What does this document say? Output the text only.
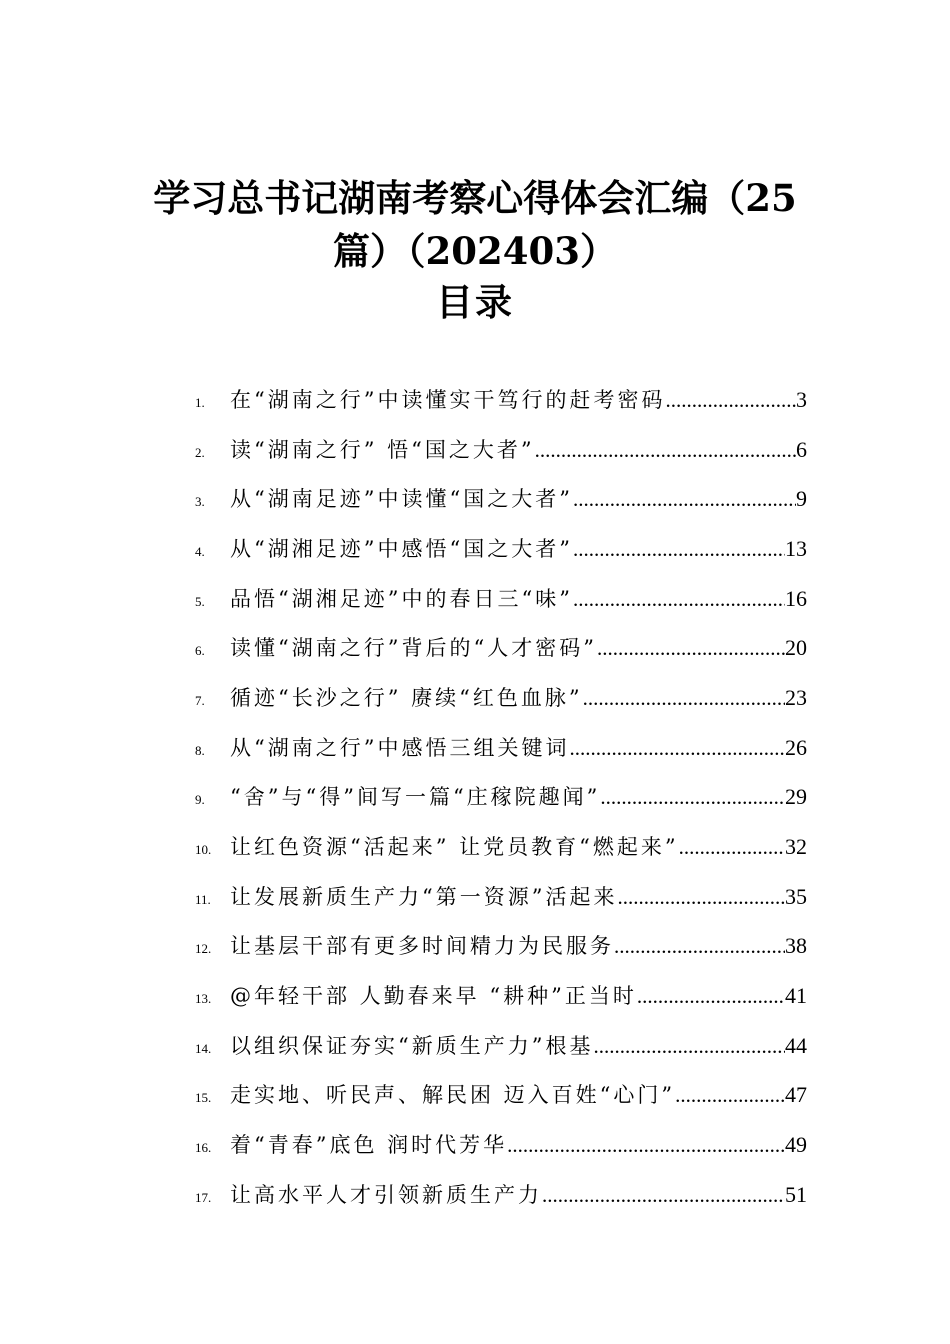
学习总书记湖南考察心得体会汇编（25
篇）（202403）
目录
1.	在“湖南之行”中读懂实干笃行的赶考密码 .....	3
2.	读“湖南之行” 悟“国之大者” .....	6
3.	从“湖南足迹”中读懂“国之大者” .....	9
4.	从“湖湘足迹”中感悟“国之大者” .....	13
5.	品悟“湖湘足迹”中的春日三“味” .....	16
6.	读懂“湖南之行”背后的“人才密码” .....	20
7.	循迹“长沙之行” 赓续“红色血脉” .....	23
8.	从“湖南之行”中感悟三组关键词 .....	26
9.	“舍”与“得”间写一篇“庄稼院趣闻” .....	29
10. 让红色资源“活起来” 让党员教育“燃起来” .....	32
11. 让发展新质生产力“第一资源”活起来 .....	35
12. 让基层干部有更多时间精力为民服务 .....	38
13. @年轻干部 人勤春来早 “耕种”正当时 .....	41
14. 以组织保证夯实“新质生产力”根基 .....	44
15. 走实地、听民声、解民困 迈入百姓“心门” .....	47
16. 着“青春”底色 润时代芳华 .....	49
17. 让高水平人才引领新质生产力 .....	51
